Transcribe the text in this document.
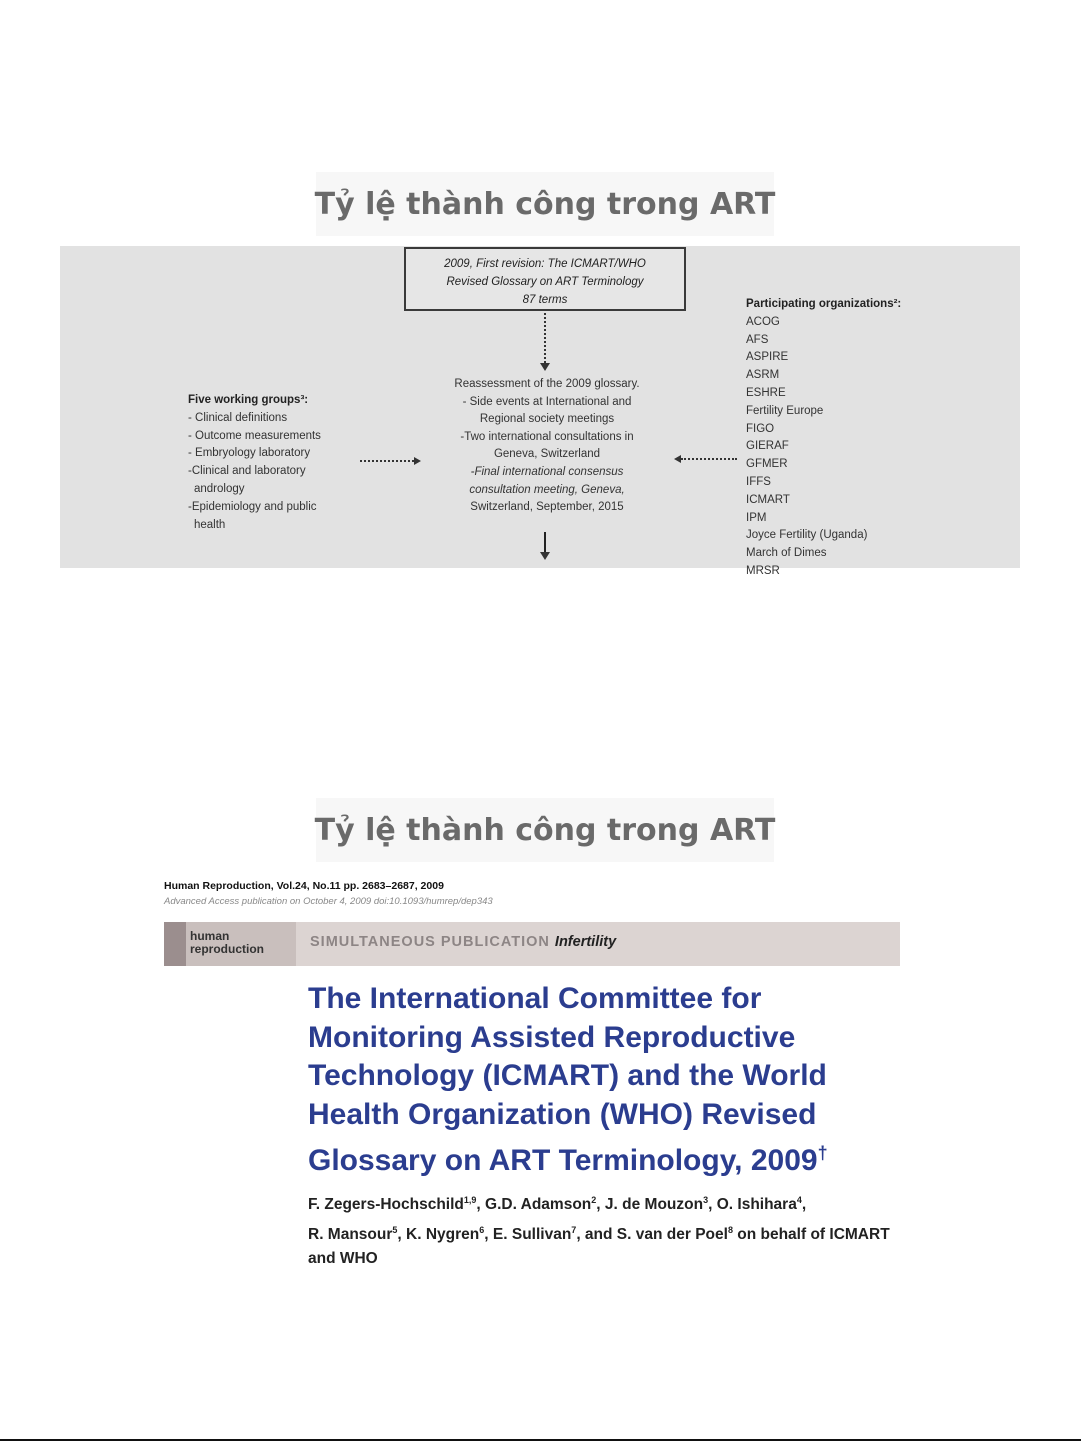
Tỷ lệ thành công trong ART
2009, First revision: The ICMART/WHO
Revised Glossary on ART Terminology
87 terms
Reassessment of the 2009 glossary.
- Side events at International and
Regional society meetings
-Two international consultations in
Geneva, Switzerland
-Final international consensus
consultation meeting, Geneva,
Switzerland, September, 2015
Five working groups³:
- Clinical definitions
- Outcome measurements
- Embryology laboratory
-Clinical and laboratory
andrology
-Epidemiology and public
health
Participating organizations²:
ACOG
AFS
ASPIRE
ASRM
ESHRE
Fertility Europe
FIGO
GIERAF
GFMER
IFFS
ICMART
IPM
Joyce Fertility (Uganda)
March of Dimes
MRSR
Tỷ lệ thành công trong ART
Human Reproduction, Vol.24, No.11 pp. 2683–2687, 2009
Advanced Access publication on October 4, 2009 doi:10.1093/humrep/dep343
human
reproduction	SIMULTANEOUS PUBLICATION Infertility
The International Committee for
Monitoring Assisted Reproductive
Technology (ICMART) and the World
Health Organization (WHO) Revised
Glossary on ART Terminology, 2009†
F. Zegers-Hochschild$^{1,9}$, G.D. Adamson$^2$, J. de Mouzon$^3$, O. Ishihara$^4$,
R. Mansour$^5$, K. Nygren$^6$, E. Sullivan$^7$, and S. van der Poel$^8$ on behalf of ICMART and WHO
